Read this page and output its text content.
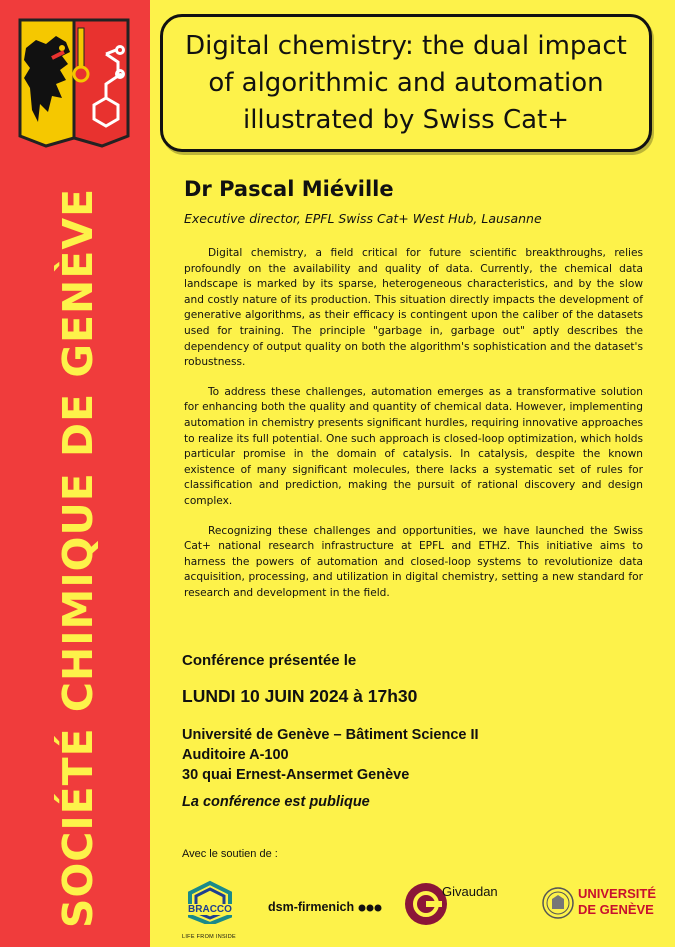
SOCIÉTÉ CHIMIQUE DE GENÈVE
Digital chemistry: the dual impact of algorithmic and automation illustrated by Swiss Cat+
Dr Pascal Miéville
Executive director, EPFL Swiss Cat+ West Hub, Lausanne

Digital chemistry, a field critical for future scientific breakthroughs, relies profoundly on the availability and quality of data. Currently, the chemical data landscape is marked by its sparse, heterogeneous characteristics, and by the slow and costly nature of its production. This situation directly impacts the development of generative algorithms, as their efficacy is contingent upon the caliber of the datasets used for training. The principle "garbage in, garbage out" aptly describes the dependency of output quality on both the algorithm's sophistication and the dataset's robustness.

To address these challenges, automation emerges as a transformative solution for enhancing both the quality and quantity of chemical data. However, implementing automation in chemistry presents significant hurdles, requiring innovative approaches to realize its full potential. One such approach is closed-loop optimization, which holds particular promise in the domain of catalysis. In catalysis, despite the known existence of many significant molecules, there lacks a systematic set of rules for classification and prediction, making the pursuit of rational discovery and design complex.

Recognizing these challenges and opportunities, we have launched the Swiss Cat+ national research infrastructure at EPFL and ETHZ. This initiative aims to harness the powers of automation and closed-loop systems to revolutionize data acquisition, processing, and utilization in digital chemistry, setting a new standard for research and development in the field.

Conférence présentée le
LUNDI 10 JUIN 2024 à 17h30
Université de Genève – Bâtiment Science II
Auditoire A-100
30 quai Ernest-Ansermet Genève
La conférence est publique
Avec le soutien de :
BRACCO
LIFE FROM INSIDE
dsm-firmenich
Givaudan	UNIVERSITÉ
DE GENÈVE
